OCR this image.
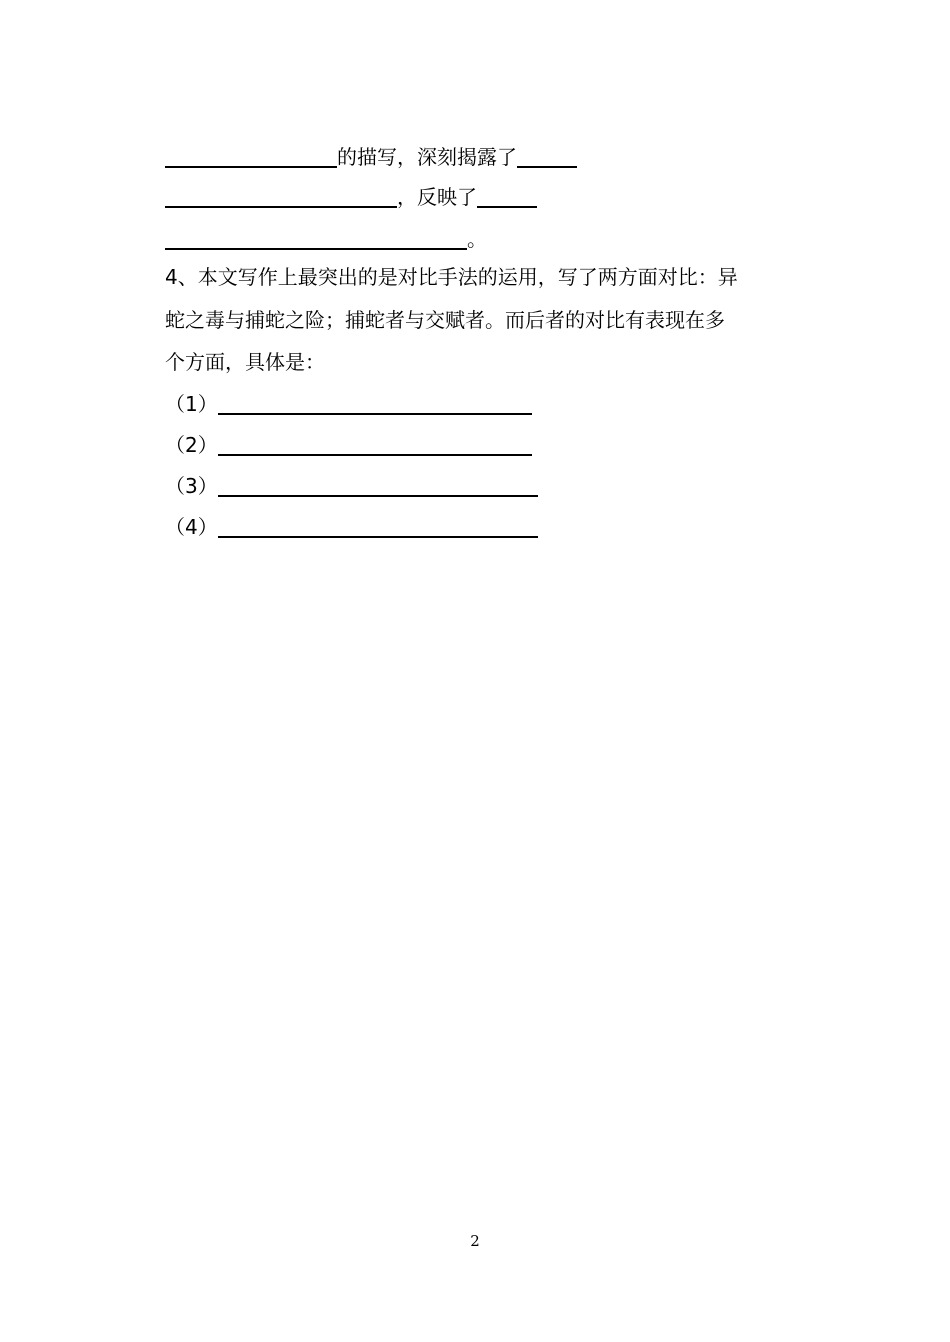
的描写，深刻揭露了
，反映了
。
4、本文写作上最突出的是对比手法的运用，写了两方面对比：异
蛇之毒与捕蛇之险；捕蛇者与交赋者。而后者的对比有表现在多
个方面，具体是：
（1）
（2）
（3）
（4）
2
